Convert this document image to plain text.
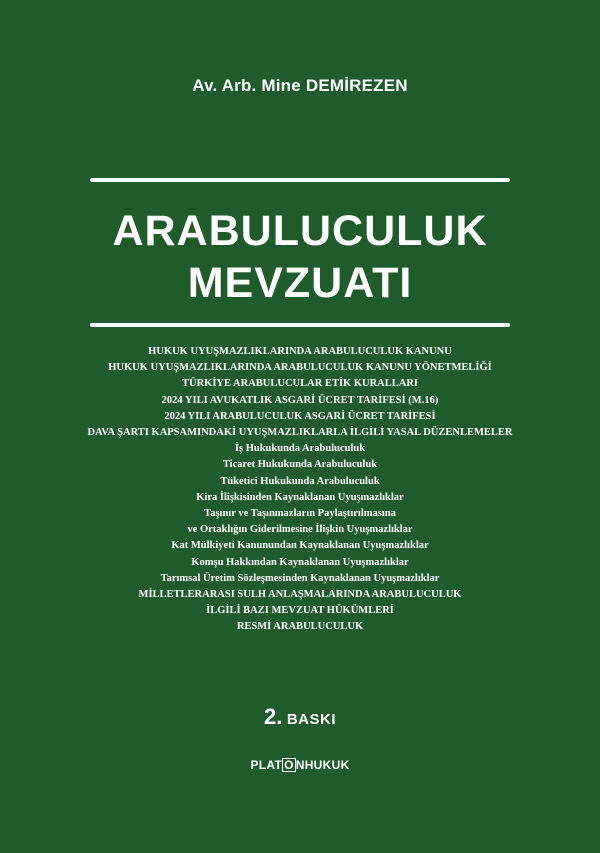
Av. Arb. Mine DEMİREZEN
ARABULUCULUK
MEVZUATI
HUKUK UYUŞMAZLIKLARINDA ARABULUCULUK KANUNU
HUKUK UYUŞMAZLIKLARINDA ARABULUCULUK KANUNU YÖNETMELİĞİ
TÜRKİYE ARABULUCULAR ETİK KURALLARI
2024 YILI AVUKATLIK ASGARİ ÜCRET TARİFESİ (M.16)
2024 YILI ARABULUCULUK ASGARİ ÜCRET TARİFESİ
DAVA ŞARTI KAPSAMINDAKİ UYUŞMAZLIKLARLA İLGİLİ YASAL DÜZENLEMELER
İş Hukukunda Arabuluculuk
Ticaret Hukukunda Arabuluculuk
Tüketici Hukukunda Arabuluculuk
Kira İlişkisinden Kaynaklanan Uyuşmazlıklar
Taşınır ve Taşınmazların Paylaştırılmasına
ve Ortaklığın Giderilmesine İlişkin Uyuşmazlıklar
Kat Mülkiyeti Kanunundan Kaynaklanan Uyuşmazlıklar
Komşu Hakkından Kaynaklanan Uyuşmazlıklar
Tarımsal Üretim Sözleşmesinden Kaynaklanan Uyuşmazlıklar
MİLLETLERARASI SULH ANLAŞMALARINDA ARABULUCULUK
İLGİLİ BAZI MEVZUAT HÜKÜMLERİ
RESMİ ARABULUCULUK
2. BASKI
PLAT O NHUKUK
